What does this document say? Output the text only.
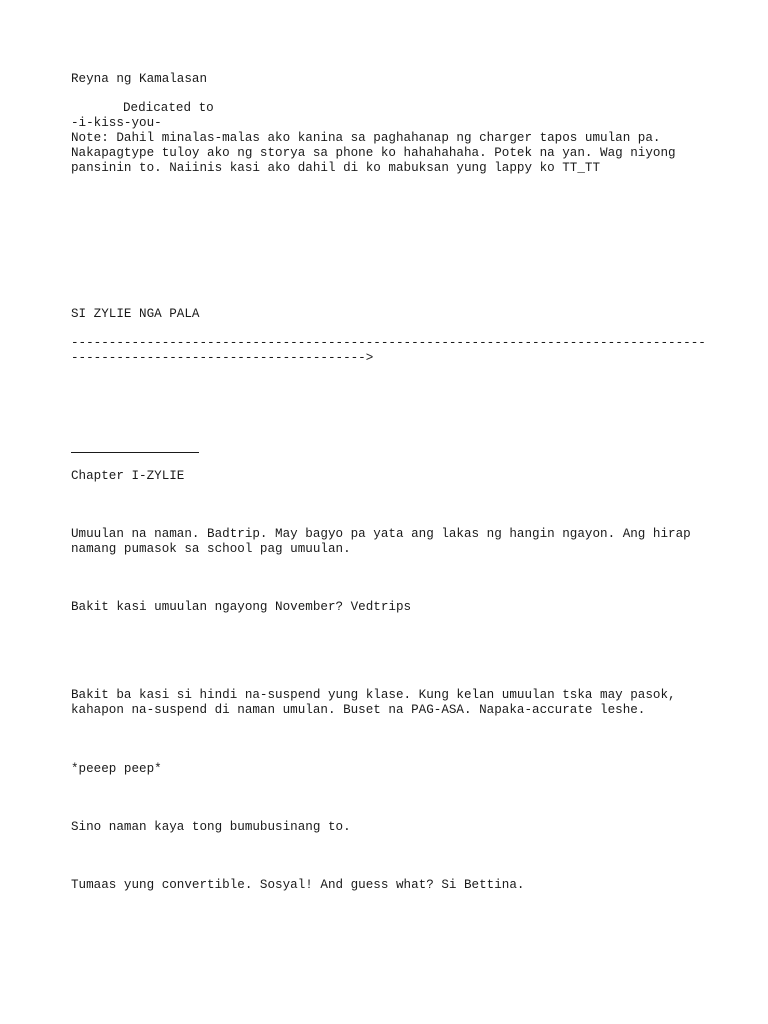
Reyna ng Kamalasan

Dedicated to

-i-kiss-you-

Note: Dahil minalas-malas ako kanina sa paghahanap ng charger tapos umulan pa.

Nakapagtype tuloy ako ng storya sa phone ko hahahahaha. Potek na yan. Wag niyong

pansinin to. Naiinis kasi ako dahil di ko mabuksan yung lappy ko TT_TT

SI ZYLIE NGA PALA

------------------------------------------------------------------------------------

--------------------------------------->

Chapter I-ZYLIE

Umuulan na naman. Badtrip. May bagyo pa yata ang lakas ng hangin ngayon. Ang hirap

namang pumasok sa school pag umuulan.

Bakit kasi umuulan ngayong November? Vedtrips

Bakit ba kasi si hindi na-suspend yung klase. Kung kelan umuulan tska may pasok,

kahapon na-suspend di naman umulan. Buset na PAG-ASA. Napaka-accurate leshe.

*peeep peep*

Sino naman kaya tong bumubusinang to.

Tumaas yung convertible. Sosyal! And guess what? Si Bettina.
